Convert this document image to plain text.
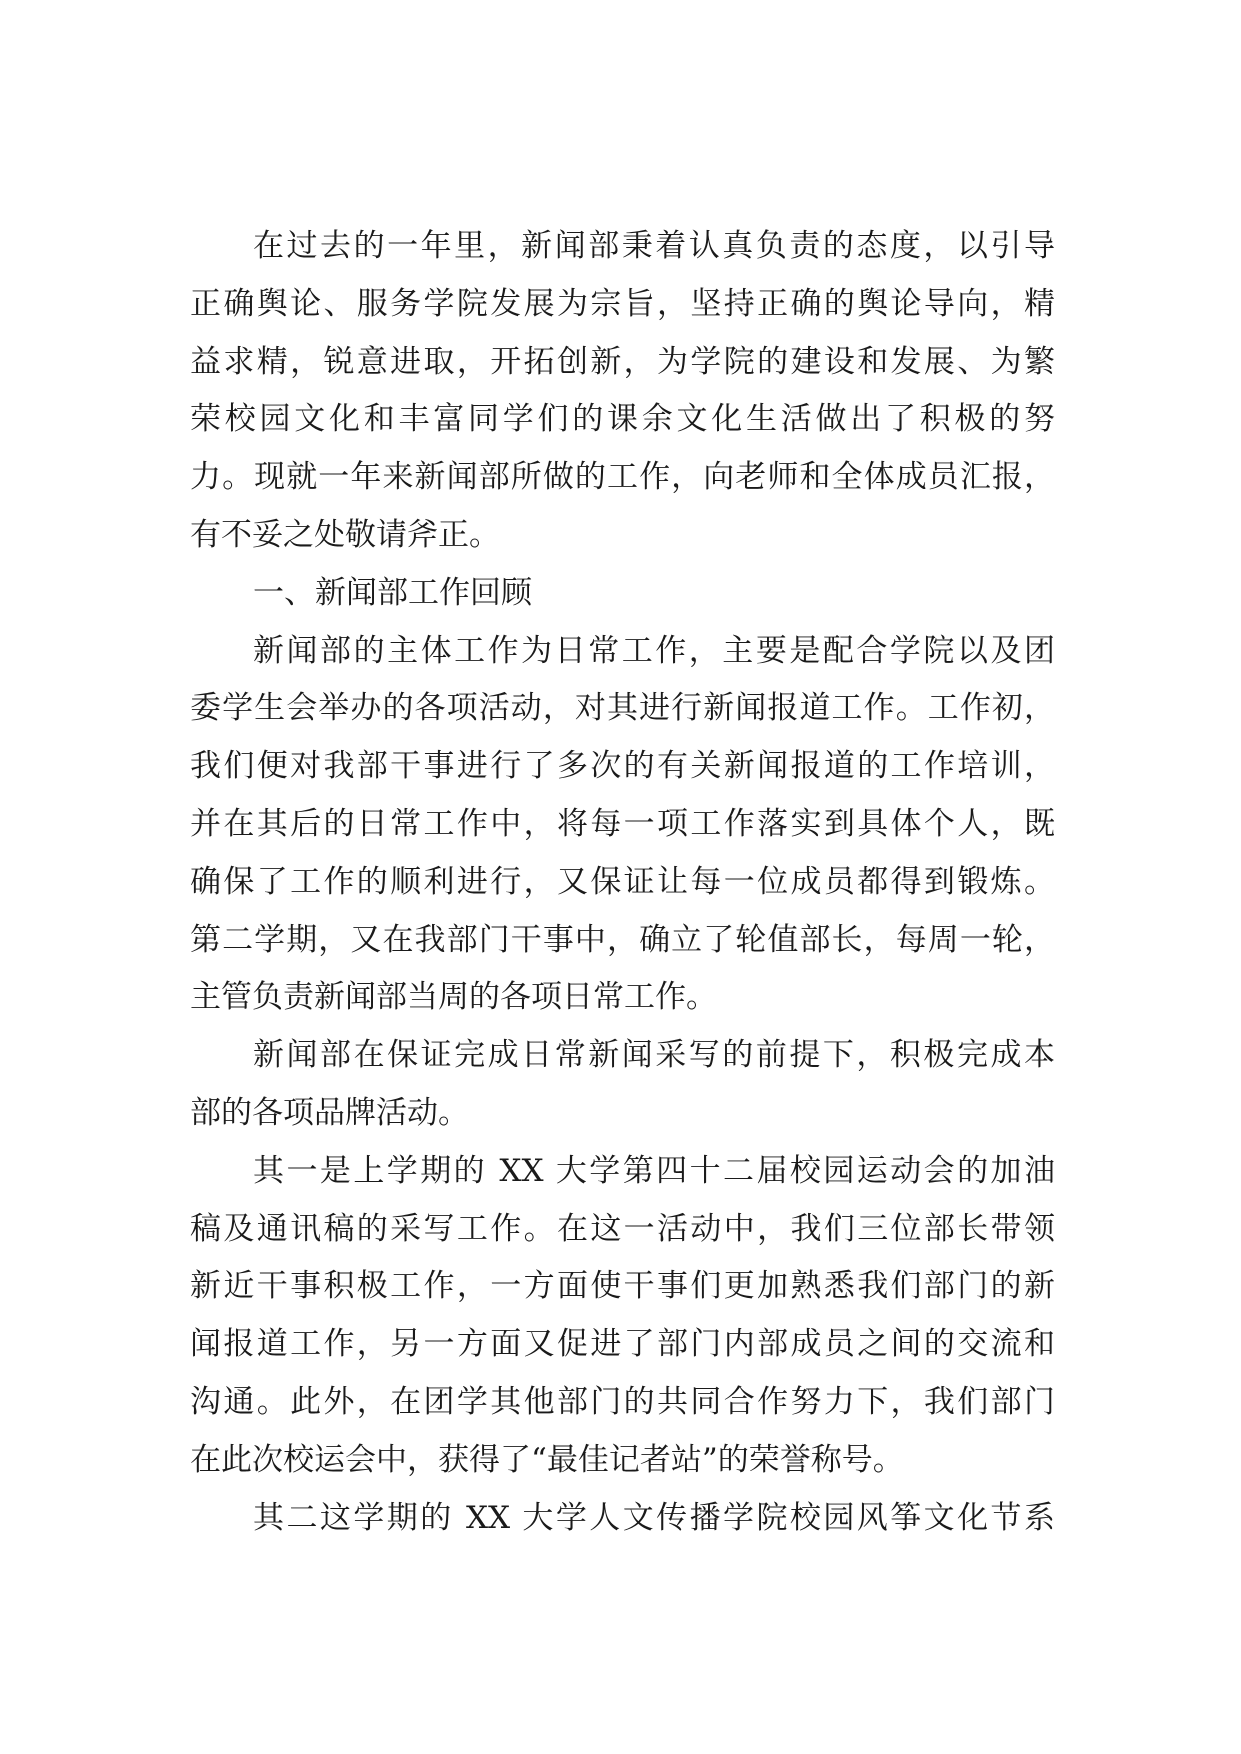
在过去的一年里，新闻部秉着认真负责的态度，以引导
正确舆论、服务学院发展为宗旨，坚持正确的舆论导向，精
益求精，锐意进取，开拓创新，为学院的建设和发展、为繁
荣校园文化和丰富同学们的课余文化生活做出了积极的努
力。现就一年来新闻部所做的工作，向老师和全体成员汇报，
有不妥之处敬请斧正。
一、新闻部工作回顾
新闻部的主体工作为日常工作，主要是配合学院以及团
委学生会举办的各项活动，对其进行新闻报道工作。工作初，
我们便对我部干事进行了多次的有关新闻报道的工作培训，
并在其后的日常工作中，将每一项工作落实到具体个人，既
确保了工作的顺利进行，又保证让每一位成员都得到锻炼。
第二学期，又在我部门干事中，确立了轮值部长，每周一轮，
主管负责新闻部当周的各项日常工作。
新闻部在保证完成日常新闻采写的前提下，积极完成本
部的各项品牌活动。
其一是上学期的 XX 大学第四十二届校园运动会的加油
稿及通讯稿的采写工作。在这一活动中，我们三位部长带领
新近干事积极工作，一方面使干事们更加熟悉我们部门的新
闻报道工作，另一方面又促进了部门内部成员之间的交流和
沟通。此外，在团学其他部门的共同合作努力下，我们部门
在此次校运会中，获得了“最佳记者站”的荣誉称号。
其二这学期的 XX 大学人文传播学院校园风筝文化节系
